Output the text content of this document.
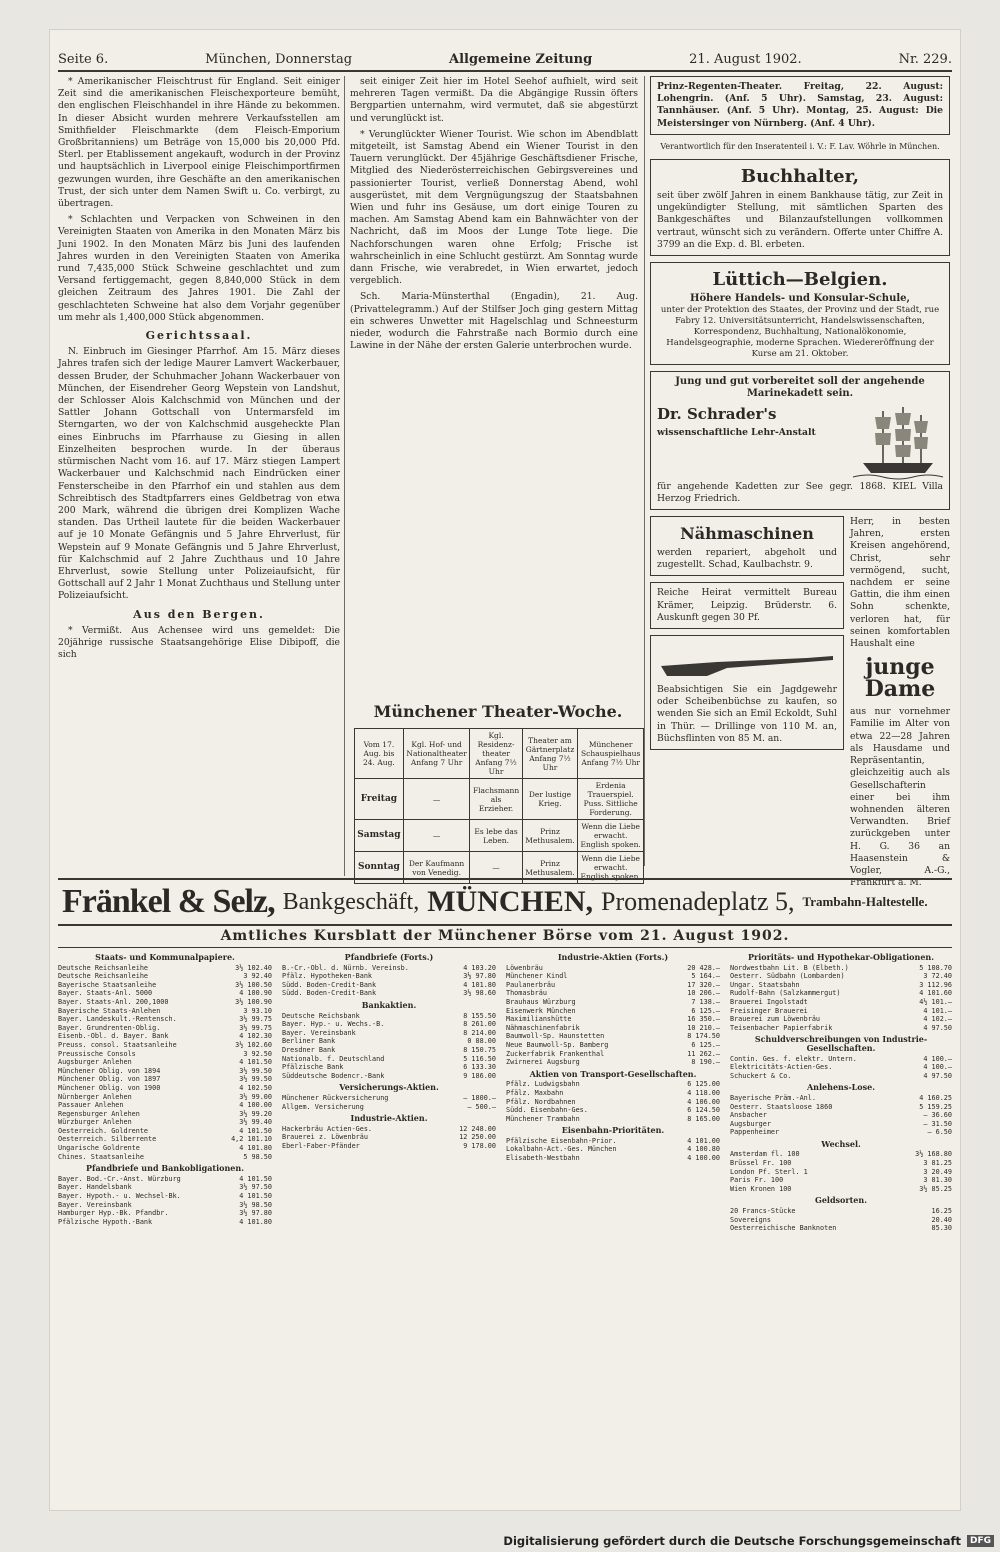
Seite 6.	München, Donnerstag	Allgemeine Zeitung	21. August 1902.	Nr. 229.

* Amerikanischer Fleischtrust für England. Seit einiger Zeit sind die amerikanischen Fleischexporteure bemüht, den englischen Fleischhandel in ihre Hände zu bekommen. In dieser Absicht wurden mehrere Verkaufsstellen am Smithfielder Fleischmarkte (dem Fleisch-Emporium Großbritanniens) um Beträge von 15,000 bis 20,000 Pfd. Sterl. per Etablissement angekauft, wodurch in der Provinz und hauptsächlich in Liverpool einige Fleischimportfirmen gezwungen wurden, ihre Geschäfte an den amerikanischen Trust, der sich unter dem Namen Swift u. Co. verbirgt, zu übertragen.

* Schlachten und Verpacken von Schweinen in den Vereinigten Staaten von Amerika in den Monaten März bis Juni 1902. In den Monaten März bis Juni des laufenden Jahres wurden in den Vereinigten Staaten von Amerika rund 7,435,000 Stück Schweine geschlachtet und zum Versand fertiggemacht, gegen 8,840,000 Stück in dem gleichen Zeitraum des Jahres 1901. Die Zahl der geschlachteten Schweine hat also dem Vorjahr gegenüber um mehr als 1,400,000 Stück abgenommen.

Gerichtssaal.

N. Einbruch im Giesinger Pfarrhof. Am 15. März dieses Jahres trafen sich der ledige Maurer Lamvert Wackerbauer, dessen Bruder, der Schuhmacher Johann Wackerbauer von München, der Eisendreher Georg Wepstein von Landshut, der Schlosser Alois Kalchschmid von München und der Sattler Johann Gottschall von Untermarsfeld im Sterngarten, wo der von Kalchschmid ausgeheckte Plan eines Einbruchs im Pfarrhause zu Giesing in allen Einzelheiten besprochen wurde. In der überaus stürmischen Nacht vom 16. auf 17. März stiegen Lampert Wackerbauer und Kalchschmid nach Eindrücken einer Fensterscheibe in den Pfarrhof ein und stahlen aus dem Schreibtisch des Stadtpfarrers eines Geldbetrag von etwa 200 Mark, während die übrigen drei Komplizen Wache standen. Das Urtheil lautete für die beiden Wackerbauer auf je 10 Monate Gefängnis und 5 Jahre Ehrverlust, für Wepstein auf 9 Monate Gefängnis und 5 Jahre Ehrverlust, für Kalchschmid auf 2 Jahre Zuchthaus und 10 Jahre Ehrverlust, sowie Stellung unter Polizeiaufsicht, für Gottschall auf 2 Jahr 1 Monat Zuchthaus und Stellung unter Polizeiaufsicht.

Aus den Bergen.

* Vermißt. Aus Achensee wird uns gemeldet: Die 20jährige russische Staatsangehörige Elise Dibipoff, die sich

seit einiger Zeit hier im Hotel Seehof aufhielt, wird seit mehreren Tagen vermißt. Da die Abgängige Russin öfters Bergpartien unternahm, wird vermutet, daß sie abgestürzt und verunglückt ist.

* Verunglückter Wiener Tourist. Wie schon im Abendblatt mitgeteilt, ist Samstag Abend ein Wiener Tourist in den Tauern verunglückt. Der 45jährige Geschäftsdiener Frische, Mitglied des Niederösterreichischen Gebirgsvereines und passionierter Tourist, verließ Donnerstag Abend, wohl ausgerüstet, mit dem Vergnügungszug der Staatsbahnen Wien und fuhr ins Gesäuse, um dort einige Touren zu machen. Am Samstag Abend kam ein Bahnwächter von der Nachricht, daß im Moos der Lunge Tote liege. Die Nachforschungen waren ohne Erfolg; Frische ist wahrscheinlich in eine Schlucht gestürzt. Am Sonntag wurde dann Frische, wie verabredet, in Wien erwartet, jedoch vergeblich.

Sch. Maria-Münsterthal (Engadin), 21. Aug. (Privattelegramm.) Auf der Stilfser Joch ging gestern Mittag ein schweres Unwetter mit Hagelschlag und Schneesturm nieder, wodurch die Fahrstraße nach Bormio durch eine Lawine in der Nähe der ersten Galerie unterbrochen wurde.

Münchener Theater-Woche.
Vom 17. Aug. bis 24. Aug.	Kgl. Hof- und Nationaltheater Anfang 7 Uhr	Kgl. Residenz-theater Anfang 7½ Uhr	Theater am Gärtnerplatz Anfang 7½ Uhr	Münchener Schauspielhaus Anfang 7½ Uhr
Freitag	—	Flachsmann als Erzieher.	Der lustige Krieg.	Erdenia Trauerspiel. Puss. Sittliche Forderung.
Samstag	—	Es lebe das Leben.	Prinz Methusalem.	Wenn die Liebe erwacht. English spoken.
Sonntag	Der Kaufmann von Venedig.	—	Prinz Methusalem.	Wenn die Liebe erwacht. English spoken.
Prinz-Regenten-Theater. Freitag, 22. August: Lohengrin. (Anf. 5 Uhr). Samstag, 23. August: Tannhäuser. (Anf. 5 Uhr). Montag, 25. August: Die Meistersinger von Nürnberg. (Anf. 4 Uhr).
Verantwortlich für den Inseratenteil i. V.: F. Lav. Wöhrle in München.
Buchhalter,
seit über zwölf Jahren in einem Bankhause tätig, zur Zeit in ungekündigter Stellung, mit sämtlichen Sparten des Bankgeschäftes und Bilanzaufstellungen vollkommen vertraut, wünscht sich zu verändern. Offerte unter Chiffre A. 3799 an die Exp. d. Bl. erbeten.
Lüttich—Belgien.
Höhere Handels- und Konsular-Schule,
unter der Protektion des Staates, der Provinz und der Stadt, rue Fabry 12. Universitätsunterricht, Handelswissenschaften, Korrespondenz, Buchhaltung, Nationalökonomie, Handelsgeographie, moderne Sprachen. Wiedereröffnung der Kurse am 21. Oktober.
Jung und gut vorbereitet soll der angehende Marinekadett sein.
Dr. Schrader's
wissenschaftliche Lehr-Anstalt
für angehende Kadetten zur See gegr. 1868. KIEL Villa Herzog Friedrich.
Nähmaschinen
werden repariert, abgeholt und zugestellt. Schad, Kaulbachstr. 9.
Reiche Heirat vermittelt Bureau Krämer, Leipzig. Brüderstr. 6. Auskunft gegen 30 Pf.
Beabsichtigen Sie ein Jagdgewehr oder Scheibenbüchse zu kaufen, so wenden Sie sich an Emil Eckoldt, Suhl in Thür. — Drillinge von 110 M. an, Büchsflinten von 85 M. an.
Herr, in besten Jahren, ersten Kreisen angehörend, Christ, sehr vermögend, sucht, nachdem er seine Gattin, die ihm einen Sohn schenkte, verloren hat, für seinen komfortablen Haushalt eine
junge Dame
aus nur vornehmer Familie im Alter von etwa 22—28 Jahren als Hausdame und Repräsentantin, gleichzeitig auch als Gesellschafterin einer bei ihm wohnenden älteren Verwandten. Brief zurückgeben unter H. G. 36 an Haasenstein & Vogler, A.-G., Frankfurt a. M.
Fränkel & Selz, Bankgeschäft, MÜNCHEN, Promenadeplatz 5, Trambahn-Haltestelle.
Amtliches Kursblatt der Münchener Börse vom 21. August 1902.
Staats- und Kommunalpapiere.
Deutsche Reichsanleihe	3½ 102.40
Deutsche Reichsanleihe	3 92.40
Bayerische Staatsanleihe	3½ 100.50
Bayer. Staats-Anl. 5000	4 100.90
Bayer. Staats-Anl. 200,1000	3½ 100.90
Bayerische Staats-Anlehen	3 93.10
Bayer. Landeskult.-Rentensch.	3½ 99.75
Bayer. Grundrenten-Oblig.	3½ 99.75
Eisenb.-Obl. d. Bayer. Bank	4 102.30
Preuss. consol. Staatsanleihe	3½ 102.60
Preussische Consols	3 92.50
Augsburger Anlehen	4 101.50
Münchener Oblig. von 1894	3½ 99.50
Münchener Oblig. von 1897	3½ 99.50
Münchener Oblig. von 1900	4 102.50
Nürnberger Anlehen	3½ 99.00
Passauer Anlehen	4 100.00
Regensburger Anlehen	3½ 99.20
Würzburger Anlehen	3½ 99.40
Oesterreich. Goldrente	4 101.50
Oesterreich. Silberrente	4,2 101.10
Ungarische Goldrente	4 101.80
Chines. Staatsanleihe	5 98.50
Pfandbriefe und Bankobligationen.
Bayer. Bod.-Cr.-Anst. Würzburg	4 101.50
Bayer. Handelsbank	3½ 97.50
Bayer. Hypoth.- u. Wechsel-Bk.	4 101.50
Bayer. Vereinsbank	3½ 98.50
Hamburger Hyp.-Bk. Pfandbr.	3½ 97.80
Pfälzische Hypoth.-Bank	4 101.80
Pfandbriefe (Forts.)
B.-Cr.-Obl. d. Nürnb. Vereinsb.	4 103.20
Pfälz. Hypotheken-Bank	3½ 97.80
Südd. Boden-Credit-Bank	4 101.80
Südd. Boden-Credit-Bank	3½ 98.60
Bankaktien.
Deutsche Reichsbank	8 155.50
Bayer. Hyp.- u. Wechs.-B.	8 261.00
Bayer. Vereinsbank	8 214.00
Berliner Bank	0 88.00
Dresdner Bank	8 150.75
Nationalb. f. Deutschland	5 116.50
Pfälzische Bank	6 133.30
Süddeutsche Bodencr.-Bank	9 186.00
Versicherungs-Aktien.
Münchener Rückversicherung	— 1800.—
Allgem. Versicherung	— 500.—
Industrie-Aktien.
Hackerbräu Actien-Ges.	12 248.00
Brauerei z. Löwenbräu	12 250.00
Eberl-Faber-Pfänder	9 178.00
Industrie-Aktien (Forts.)
Löwenbräu	20 428.—
Münchener Kindl	5 164.—
Paulanerbräu	17 320.—
Thomasbräu	10 206.—
Brauhaus Würzburg	7 138.—
Eisenwerk München	6 125.—
Maximilianshütte	16 350.—
Nähmaschinenfabrik	10 210.—
Baumwoll-Sp. Haunstetten	8 174.50
Neue Baumwoll-Sp. Bamberg	6 125.—
Zuckerfabrik Frankenthal	11 262.—
Zwirnerei Augsburg	8 190.—
Aktien von Transport-Gesellschaften.
Pfälz. Ludwigsbahn	6 125.00
Pfälz. Maxbahn	4 118.00
Pfälz. Nordbahnen	4 106.00
Südd. Eisenbahn-Ges.	6 124.50
Münchener Trambahn	8 165.00
Eisenbahn-Prioritäten.
Pfälzische Eisenbahn-Prior.	4 101.00
Lokalbahn-Act.-Ges. München	4 100.80
Elisabeth-Westbahn	4 100.00
Prioritäts- und Hypothekar-Obligationen.
Nordwestbahn Lit. B (Elbeth.)	5 108.70
Oesterr. Südbahn (Lombarden)	3 72.40
Ungar. Staatsbahn	3 112.96
Rudolf-Bahn (Salzkammergut)	4 101.60
Brauerei Ingolstadt	4½ 101.—
Freisinger Brauerei	4 101.—
Brauerei zum Löwenbräu	4 102.—
Teisenbacher Papierfabrik	4 97.50
Schuldverschreibungen von Industrie-Gesellschaften.
Contin. Ges. f. elektr. Untern.	4 100.—
Elektricitäts-Actien-Ges.	4 100.—
Schuckert & Co.	4 97.50
Anlehens-Lose.
Bayerische Präm.-Anl.	4 160.25
Oesterr. Staatsloose 1860	5 159.25
Ansbacher	— 36.60
Augsburger	— 31.50
Pappenheimer	— 6.50
Wechsel.
Amsterdam fl. 100	3½ 168.80
Brüssel Fr. 100	3 81.25
London Pf. Sterl. 1	3 20.49
Paris Fr. 100	3 81.30
Wien Kronen 100	3½ 85.25
Geldsorten.
20 Francs-Stücke	16.25
Sovereigns	20.40
Oesterreichische Banknoten	85.30
Digitalisierung gefördert durch die Deutsche Forschungsgemeinschaft	DFG
